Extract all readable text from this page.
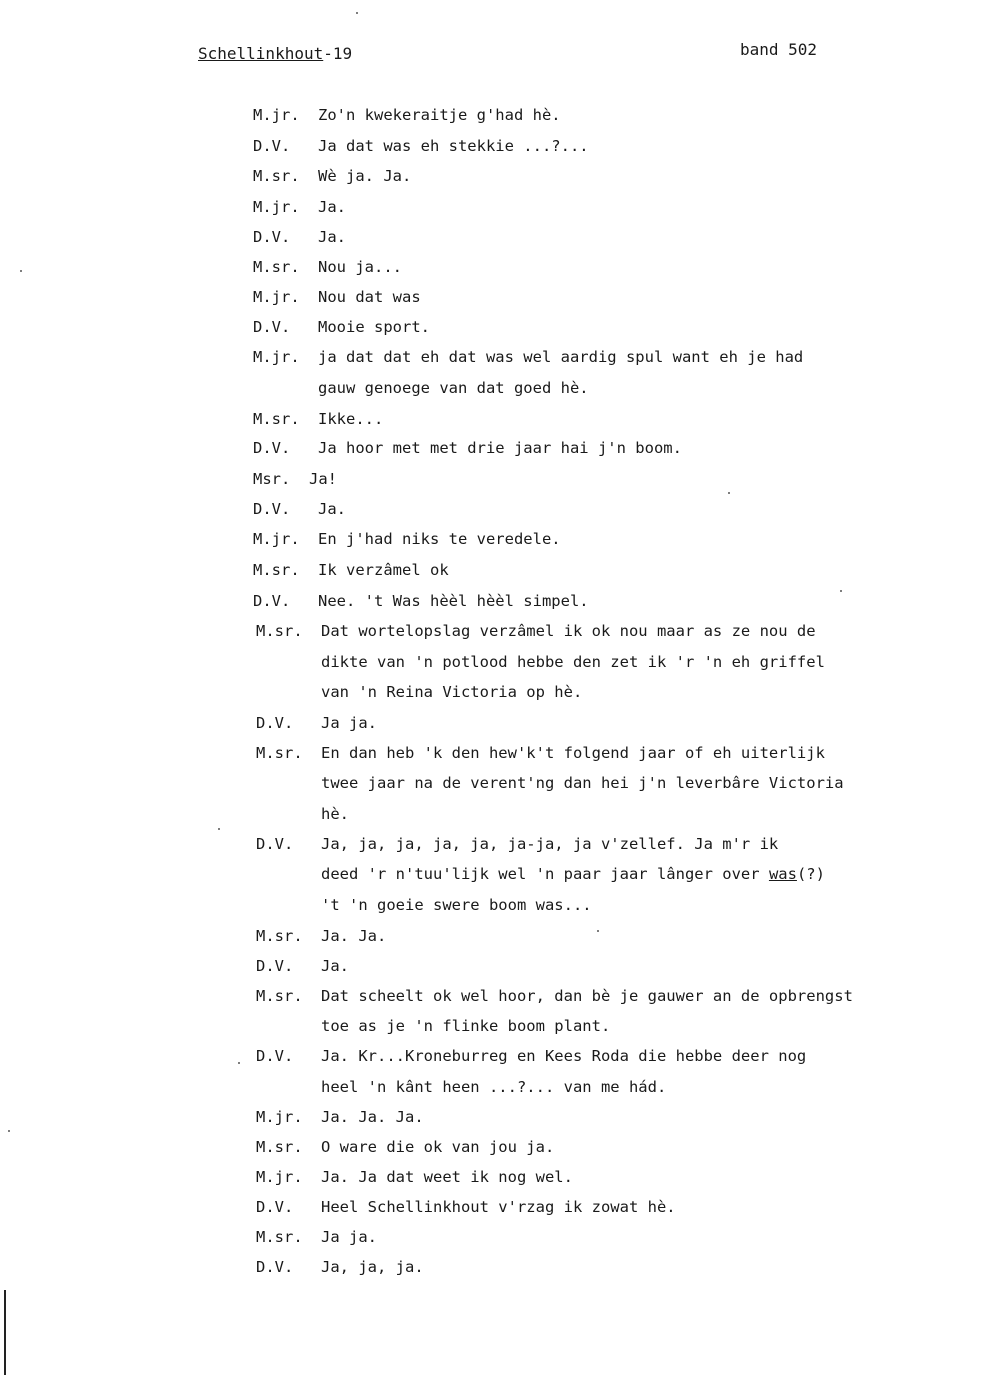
Schellinkhout-19	band 502
M.jr. Zo'n kwekeraitje g'had hè.
D.V. Ja dat was eh stekkie ...?...
M.sr. Wè ja. Ja.
M.jr. Ja.
D.V. Ja.
M.sr. Nou ja...
M.jr. Nou dat was
D.V. Mooie sport.
M.jr. ja dat dat eh dat was wel aardig spul want eh je had
gauw genoege van dat goed hè.
M.sr. Ikke...
D.V. Ja hoor met met drie jaar hai j'n boom.
Msr. Ja!
D.V. Ja.
M.jr. En j'had niks te veredele.
M.sr. Ik verzâmel ok
D.V. Nee. 't Was hèèl hèèl simpel.
M.sr. Dat wortelopslag verzâmel ik ok nou maar as ze nou de
dikte van 'n potlood hebbe den zet ik 'r 'n eh griffel
van 'n Reina Victoria op hè.
D.V. Ja ja.
M.sr. En dan heb 'k den hew'k't folgend jaar of eh uiterlijk
twee jaar na de verent'ng dan hei j'n leverbâre Victoria
hè.
D.V. Ja, ja, ja, ja, ja, ja-ja, ja v'zellef. Ja m'r ik
deed 'r n'tuu'lijk wel 'n paar jaar lânger over was(?)
't 'n goeie swere boom was...
M.sr. Ja. Ja.
D.V. Ja.
M.sr. Dat scheelt ok wel hoor, dan bè je gauwer an de opbrengst
toe as je 'n flinke boom plant.
D.V. Ja. Kr...Kroneburreg en Kees Roda die hebbe deer nog
heel 'n kânt heen ...?... van me hád.
M.jr. Ja. Ja. Ja.
M.sr. O ware die ok van jou ja.
M.jr. Ja. Ja dat weet ik nog wel.
D.V. Heel Schellinkhout v'rzag ik zowat hè.
M.sr. Ja ja.
D.V. Ja, ja, ja.
